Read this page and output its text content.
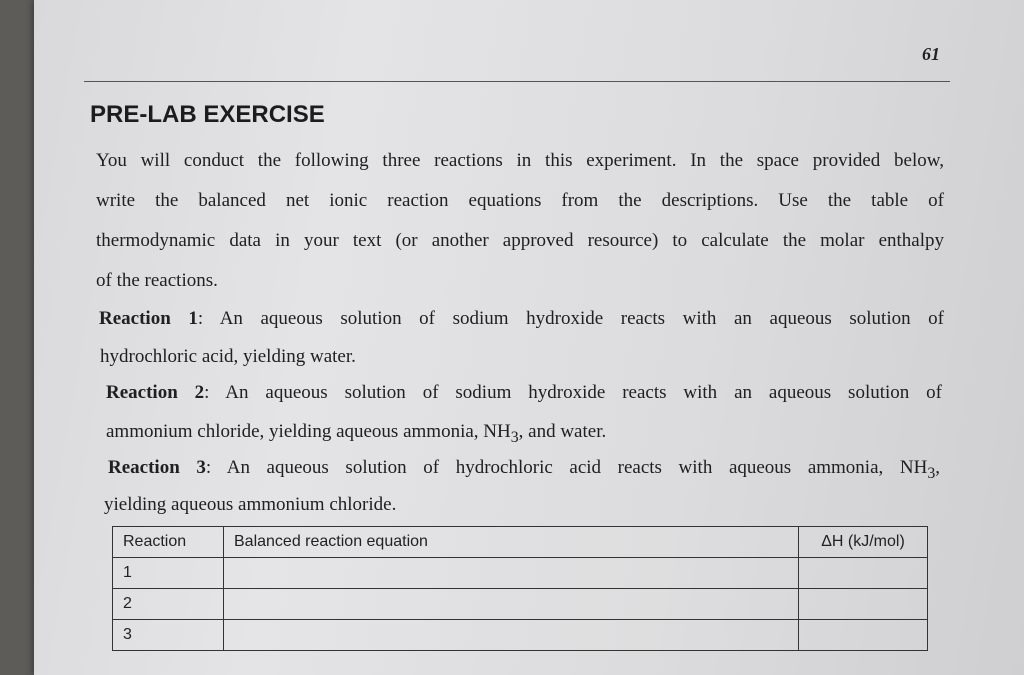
61
PRE-LAB EXERCISE
You will conduct the following three reactions in this experiment. In the space provided below,
write the balanced net ionic reaction equations from the descriptions. Use the table of
thermodynamic data in your text (or another approved resource) to calculate the molar enthalpy
of the reactions.
Reaction 1: An aqueous solution of sodium hydroxide reacts with an aqueous solution of
hydrochloric acid, yielding water.
Reaction 2: An aqueous solution of sodium hydroxide reacts with an aqueous solution of
ammonium chloride, yielding aqueous ammonia, $NH_3$, and water.
Reaction 3: An aqueous solution of hydrochloric acid reacts with aqueous ammonia, $NH_3$,
yielding aqueous ammonium chloride.
Reaction	Balanced reaction equation	ΔH (kJ/mol)
1		
2		
3		
